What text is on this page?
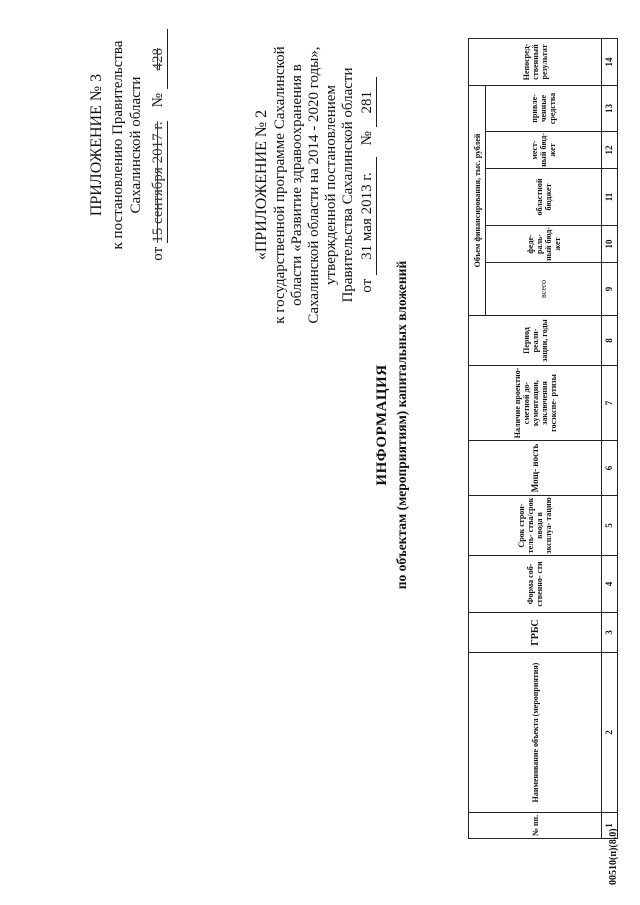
ПРИЛОЖЕНИЕ № 3 к постановлению Правительства Сахалинской области
от 15 сентября 2017 г. № 428
«ПРИЛОЖЕНИЕ № 2 к государственной программе Сахалинской области «Развитие здравоохранения в Сахалинской области на 2014 - 2020 годы», утвержденной постановлением Правительства Сахалинской области от 31 мая 2013 г. № 281
ИНФОРМАЦИЯ по объектам (мероприятиям) капитальных вложений
№ пп.	Наименование объекта (мероприятия)	ГРБС	Форма соб- ственно- сти	Срок строи- тель- ства/срок ввода в эксплуа- тацию	Мощ- ность	Наличие проектно- сметной до- кументации, заключения госэкспе- ртизы	Период реали- зации, годы	Объем финансирования, тыс. рублей					Непосред- ственный результат
								всего	феде- раль- ный бюд- жет	областной бюджет	мест- ный бюд- жет	привле- ченные средства	
1	2	3	4	5	6	7	8	9	10	11	12	13	14
00510(п)(8.0)
